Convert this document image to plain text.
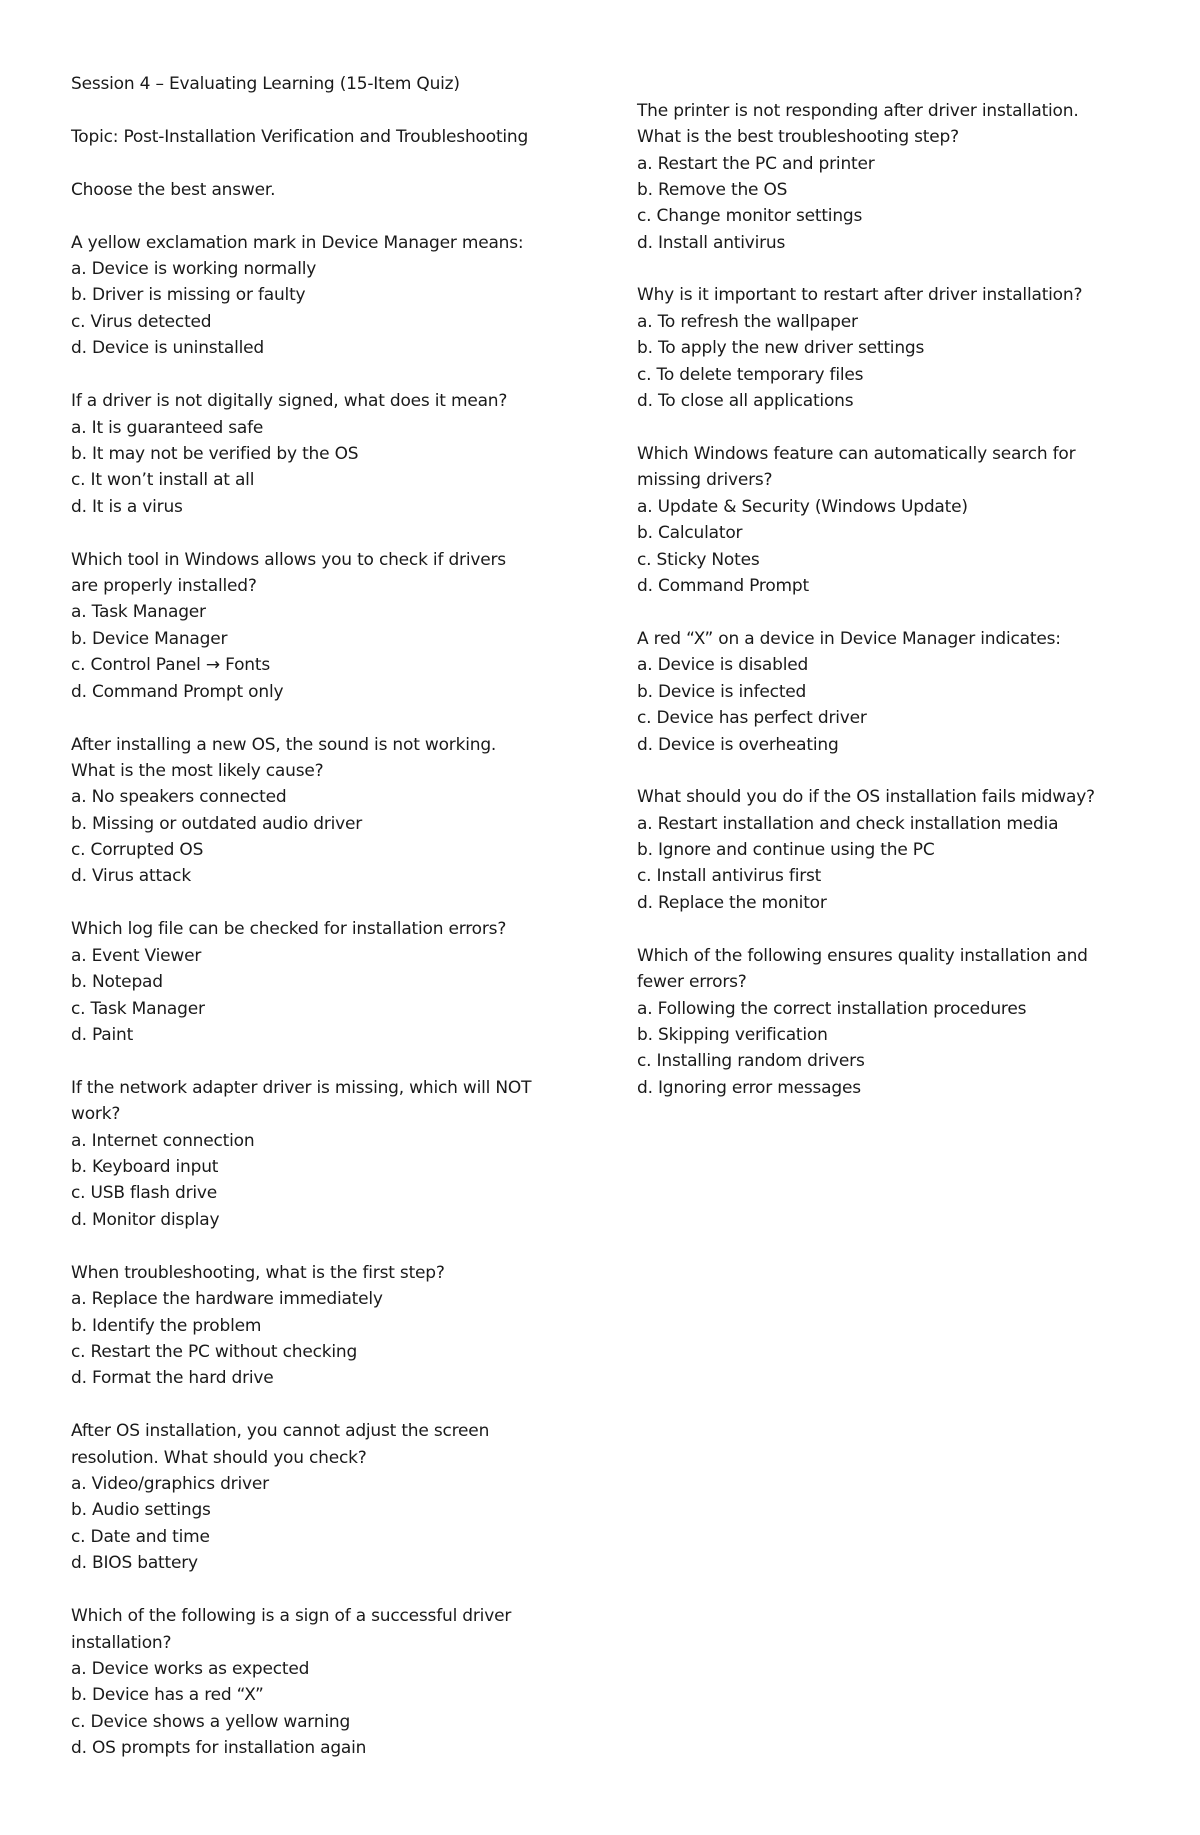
Session 4 – Evaluating Learning (15-Item Quiz)
Topic: Post-Installation Verification and Troubleshooting
Choose the best answer.
A yellow exclamation mark in Device Manager means:
a. Device is working normally
b. Driver is missing or faulty
c. Virus detected
d. Device is uninstalled
If a driver is not digitally signed, what does it mean?
a. It is guaranteed safe
b. It may not be verified by the OS
c. It won’t install at all
d. It is a virus
Which tool in Windows allows you to check if drivers
are properly installed?
a. Task Manager
b. Device Manager
c. Control Panel → Fonts
d. Command Prompt only
After installing a new OS, the sound is not working.
What is the most likely cause?
a. No speakers connected
b. Missing or outdated audio driver
c. Corrupted OS
d. Virus attack
Which log file can be checked for installation errors?
a. Event Viewer
b. Notepad
c. Task Manager
d. Paint
If the network adapter driver is missing, which will NOT
work?
a. Internet connection
b. Keyboard input
c. USB flash drive
d. Monitor display
When troubleshooting, what is the first step?
a. Replace the hardware immediately
b. Identify the problem
c. Restart the PC without checking
d. Format the hard drive
After OS installation, you cannot adjust the screen
resolution. What should you check?
a. Video/graphics driver
b. Audio settings
c. Date and time
d. BIOS battery
Which of the following is a sign of a successful driver
installation?
a. Device works as expected
b. Device has a red “X”
c. Device shows a yellow warning
d. OS prompts for installation again
The printer is not responding after driver installation.
What is the best troubleshooting step?
a. Restart the PC and printer
b. Remove the OS
c. Change monitor settings
d. Install antivirus
Why is it important to restart after driver installation?
a. To refresh the wallpaper
b. To apply the new driver settings
c. To delete temporary files
d. To close all applications
Which Windows feature can automatically search for
missing drivers?
a. Update & Security (Windows Update)
b. Calculator
c. Sticky Notes
d. Command Prompt
A red “X” on a device in Device Manager indicates:
a. Device is disabled
b. Device is infected
c. Device has perfect driver
d. Device is overheating
What should you do if the OS installation fails midway?
a. Restart installation and check installation media
b. Ignore and continue using the PC
c. Install antivirus first
d. Replace the monitor
Which of the following ensures quality installation and
fewer errors?
a. Following the correct installation procedures
b. Skipping verification
c. Installing random drivers
d. Ignoring error messages
